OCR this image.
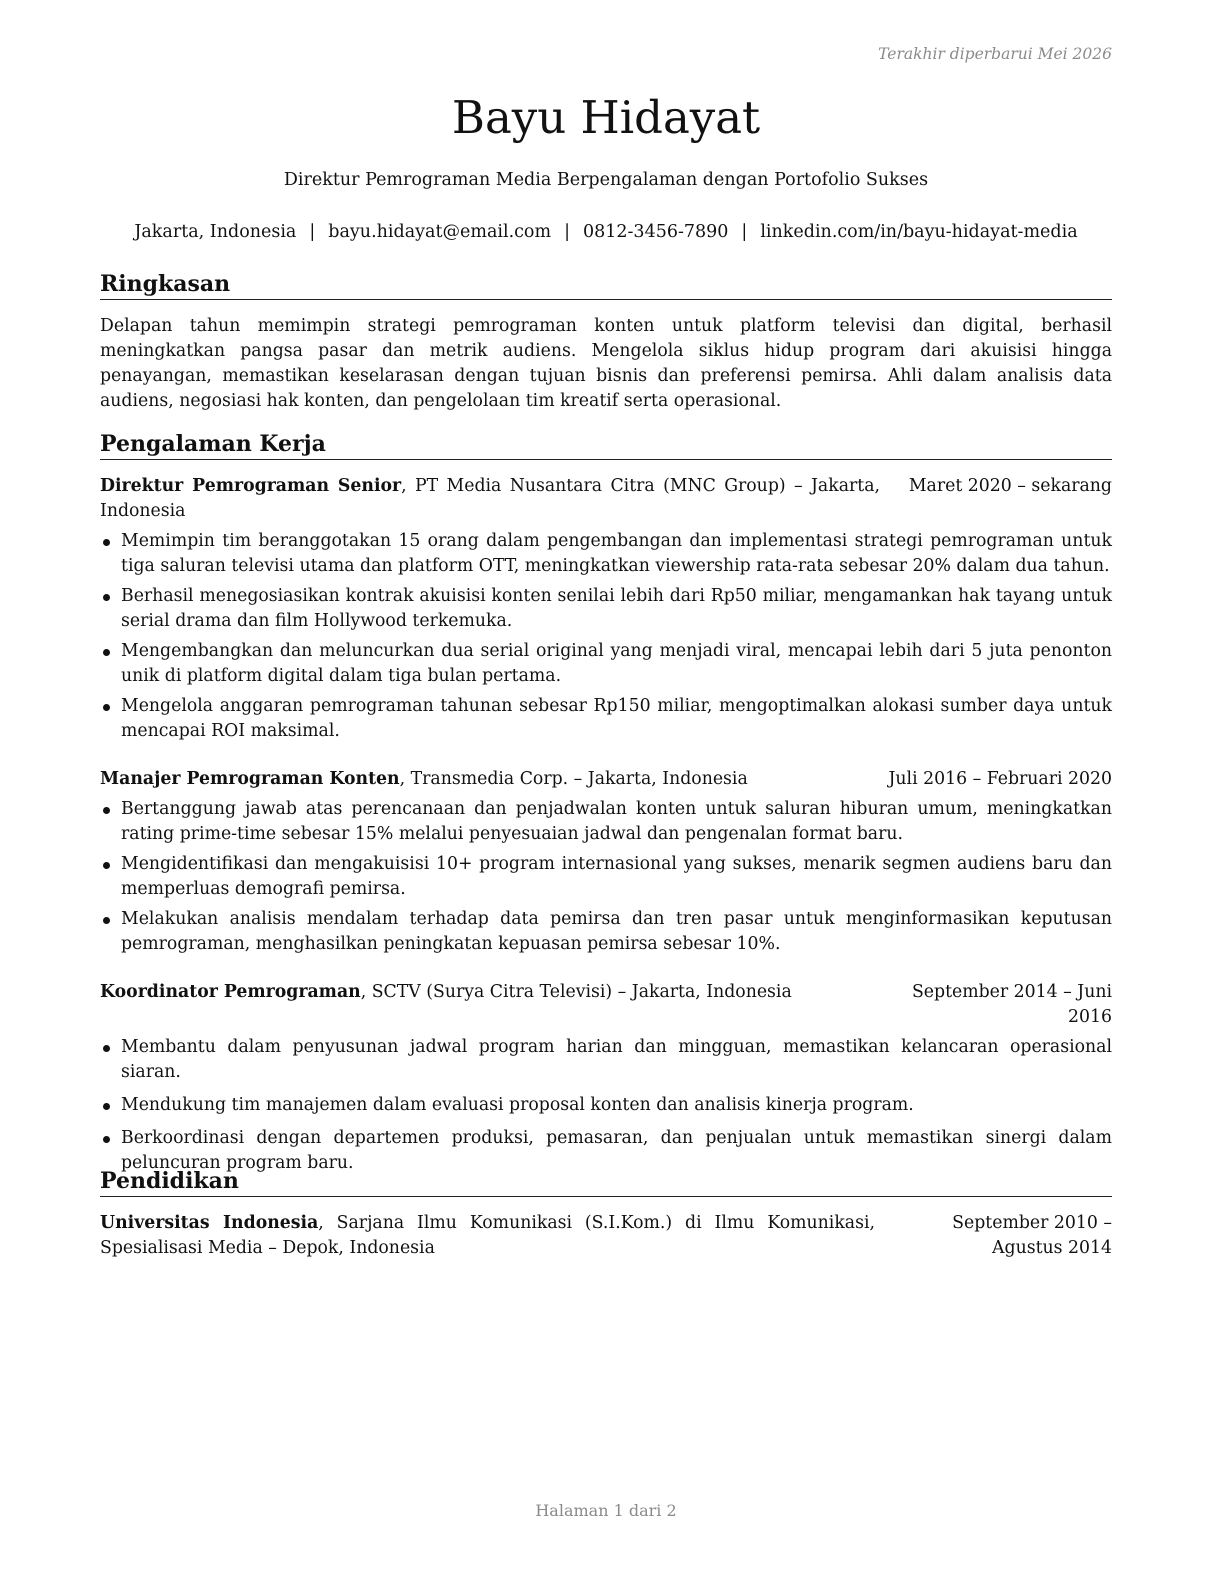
Terakhir diperbarui Mei 2026
Bayu Hidayat
Direktur Pemrograman Media Berpengalaman dengan Portofolio Sukses
Jakarta, Indonesia | bayu.hidayat@email.com | 0812-3456-7890 | linkedin.com/in/bayu-hidayat-media
Ringkasan
Delapan tahun memimpin strategi pemrograman konten untuk platform televisi dan digital, berhasil meningkatkan pangsa pasar dan metrik audiens. Mengelola siklus hidup program dari akuisisi hingga penayangan, memastikan keselarasan dengan tujuan bisnis dan preferensi pemirsa. Ahli dalam analisis data audiens, negosiasi hak konten, dan pengelolaan tim kreatif serta operasional.
Pengalaman Kerja
Direktur Pemrograman Senior, PT Media Nusantara Citra (MNC Group) – Jakarta, Indonesia
Maret 2020 – sekarang
Memimpin tim beranggotakan 15 orang dalam pengembangan dan implementasi strategi pemrograman untuk tiga saluran televisi utama dan platform OTT, meningkatkan viewership rata-rata sebesar 20% dalam dua tahun.
Berhasil menegosiasikan kontrak akuisisi konten senilai lebih dari Rp50 miliar, mengamankan hak tayang untuk serial drama dan film Hollywood terkemuka.
Mengembangkan dan meluncurkan dua serial original yang menjadi viral, mencapai lebih dari 5 juta penonton unik di platform digital dalam tiga bulan pertama.
Mengelola anggaran pemrograman tahunan sebesar Rp150 miliar, mengoptimalkan alokasi sumber daya untuk mencapai ROI maksimal.
Manajer Pemrograman Konten, Transmedia Corp. – Jakarta, Indonesia	Juli 2016 – Februari 2020
Bertanggung jawab atas perencanaan dan penjadwalan konten untuk saluran hiburan umum, meningkatkan rating prime-time sebesar 15% melalui penyesuaian jadwal dan pengenalan format baru.
Mengidentifikasi dan mengakuisisi 10+ program internasional yang sukses, menarik segmen audiens baru dan memperluas demografi pemirsa.
Melakukan analisis mendalam terhadap data pemirsa dan tren pasar untuk menginformasikan keputusan pemrograman, menghasilkan peningkatan kepuasan pemirsa sebesar 10%.
Koordinator Pemrograman, SCTV (Surya Citra Televisi) – Jakarta, Indonesia	September 2014 – Juni 2016
Membantu dalam penyusunan jadwal program harian dan mingguan, memastikan kelancaran operasional siaran.
Mendukung tim manajemen dalam evaluasi proposal konten dan analisis kinerja program.
Berkoordinasi dengan departemen produksi, pemasaran, dan penjualan untuk memastikan sinergi dalam peluncuran program baru.
Pendidikan
Universitas Indonesia, Sarjana Ilmu Komunikasi (S.I.Kom.) di Ilmu Komunikasi, Spesialisasi Media – Depok, Indonesia
September 2010 – Agustus 2014
Halaman 1 dari 2
